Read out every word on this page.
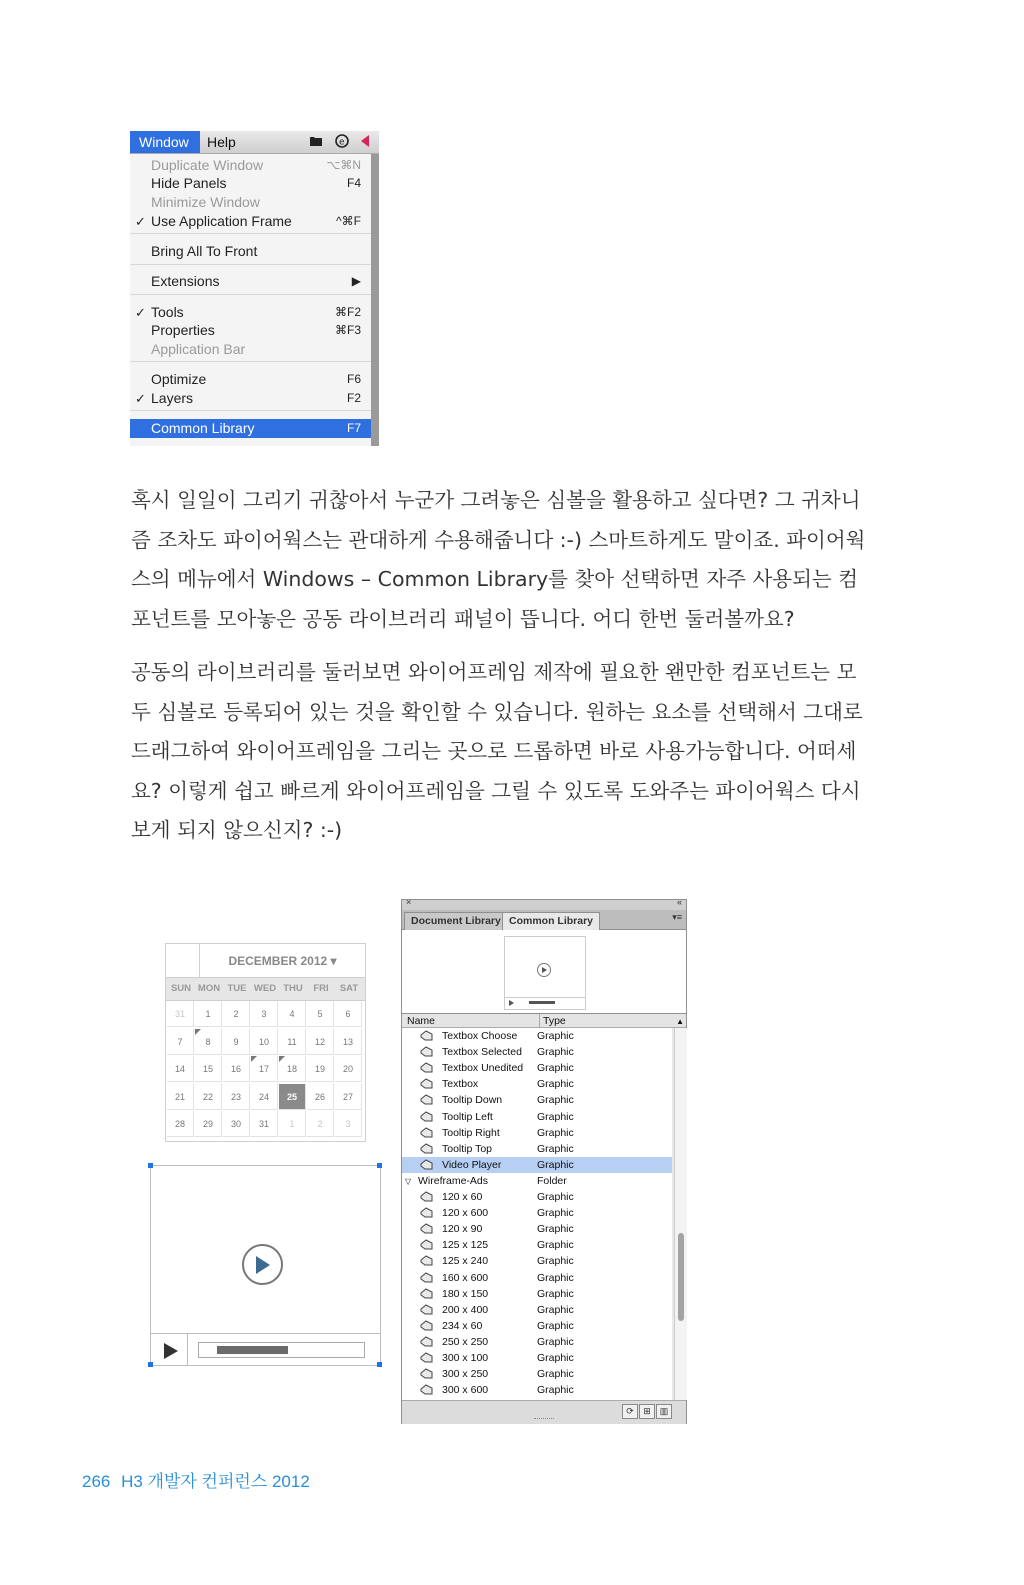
Window	Help	e
Duplicate Window	⌥⌘N
Hide Panels	F4
Minimize Window
✓ Use Application Frame	^⌘F
Bring All To Front
Extensions	▶
✓ Tools	⌘F2
Properties	⌘F3
Application Bar
Optimize	F6
✓ Layers	F2
Common Library	F7

혹시 일일이 그리기 귀찮아서 누군가 그려놓은 심볼을 활용하고 싶다면? 그 귀차니즘 조차도 파이어웍스는 관대하게 수용해줍니다 :-) 스마트하게도 말이죠. 파이어웍스의 메뉴에서 Windows – Common Library를 찾아 선택하면 자주 사용되는 컴포넌트를 모아놓은 공동 라이브러리 패널이 뜹니다. 어디 한번 둘러볼까요?

공동의 라이브러리를 둘러보면 와이어프레임 제작에 필요한 왠만한 컴포넌트는 모두 심볼로 등록되어 있는 것을 확인할 수 있습니다. 원하는 요소를 선택해서 그대로 드래그하여 와이어프레임을 그리는 곳으로 드롭하면 바로 사용가능합니다. 어떠세요? 이렇게 쉽고 빠르게 와이어프레임을 그릴 수 있도록 도와주는 파이어웍스 다시 보게 되지 않으신지? :-)

DECEMBER 2012 ▾
SUN MON TUE WED THU	FRI	SAT
31	1	2	3	4	5	6
7	8	9	10	11	12	13
14	15	16	17	18	19	20
21	22	23	24	25	26	27
28	29	30	31	1	2	3
×	«
Document Library Common Library	▾≡
Name	Type	▲
Textbox Choose Graphic
Textbox Selected Graphic
Textbox Unedited Graphic
Textbox	Graphic
Tooltip Down	Graphic
Tooltip Left	Graphic
Tooltip Right	Graphic
Tooltip Top	Graphic
Video Player	Graphic
▽ Wireframe-Ads	Folder
120 x 60	Graphic
120 x 600	Graphic
120 x 90	Graphic
125 x 125	Graphic
125 x 240	Graphic
160 x 600	Graphic
180 x 150	Graphic
200 x 400	Graphic
234 x 60	Graphic
250 x 250	Graphic
300 x 100	Graphic
300 x 250	Graphic
300 x 600	Graphic
⟳	⊞ ▥
266 H3 개발자 컨퍼런스 2012
